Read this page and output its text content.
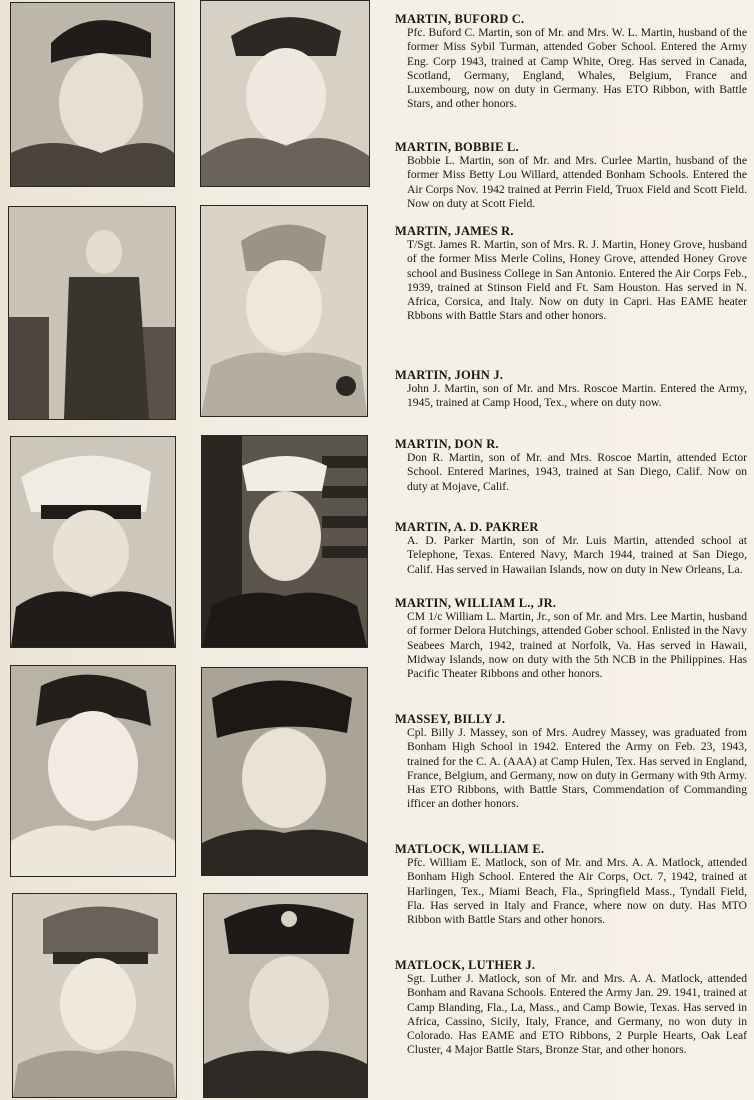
MARTIN, BUFORD C.

Pfc. Buford C. Martin, son of Mr. and Mrs. W. L. Martin, husband of the former Miss Sybil Turman, attended Gober School. Entered the Army Eng. Corp 1943, trained at Camp White, Oreg. Has served in Canada, Scotland, Germany, England, Whales, Belgium, France and Luxembourg, now on duty in Germany. Has ETO Ribbon, with Battle Stars, and other honors.

MARTIN, BOBBIE L.

Bobbie L. Martin, son of Mr. and Mrs. Curlee Martin, husband of the former Miss Betty Lou Willard, attended Bonham Schools. Entered the Air Corps Nov. 1942 trained at Perrin Field, Truox Field and Scott Field. Now on duty at Scott Field.

MARTIN, JAMES R.

T/Sgt. James R. Martin, son of Mrs. R. J. Martin, Honey Grove, husband of the former Miss Merle Colins, Honey Grove, attended Honey Grove school and Business College in San Antonio. Entered the Air Corps Feb., 1939, trained at Stinson Field and Ft. Sam Houston. Has served in N. Africa, Corsica, and Italy. Now on duty in Capri. Has EAME heater Rbbons with Battle Stars and other honors.

MARTIN, JOHN J.

John J. Martin, son of Mr. and Mrs. Roscoe Martin. Entered the Army, 1945, trained at Camp Hood, Tex., where on duty now.

MARTIN, DON R.

Don R. Martin, son of Mr. and Mrs. Roscoe Martin, attended Ector School. Entered Marines, 1943, trained at San Diego, Calif. Now on duty at Mojave, Calif.

MARTIN, A. D. PAKRER

A. D. Parker Martin, son of Mr. Luis Martin, attended school at Telephone, Texas. Entered Navy, March 1944, trained at San Diego, Calif. Has served in Hawaiian Islands, now on duty in New Orleans, La.

MARTIN, WILLIAM L., JR.

CM 1/c William L. Martin, Jr., son of Mr. and Mrs. Lee Martin, husband of former Delora Hutchings, attended Gober school. Enlisted in the Navy Seabees March, 1942, trained at Norfolk, Va. Has served in Hawaii, Midway Islands, now on duty with the 5th NCB in the Philippines. Has Pacific Theater Ribbons and other honors.

MASSEY, BILLY J.

Cpl. Billy J. Massey, son of Mrs. Audrey Massey, was graduated from Bonham High School in 1942. Entered the Army on Feb. 23, 1943, trained for the C. A. (AAA) at Camp Hulen, Tex. Has served in England, France, Belgium, and Germany, now on duty in Germany with 9th Army. Has ETO Ribbons, with Battle Stars, Commendation of Commanding ifficer an dother honors.

MATLOCK, WILLIAM E.

Pfc. William E. Matlock, son of Mr. and Mrs. A. A. Matlock, attended Bonham High School. Entered the Air Corps, Oct. 7, 1942, trained at Harlingen, Tex., Miami Beach, Fla., Springfield Mass., Tyndall Field, Fla. Has served in Italy and France, where now on duty. Has MTO Ribbon with Battle Stars and other honors.

MATLOCK, LUTHER J.

Sgt. Luther J. Matlock, son of Mr. and Mrs. A. A. Matlock, attended Bonham and Ravana Schools. Entered the Army Jan. 29. 1941, trained at Camp Blanding, Fla., La, Mass., and Camp Bowie, Texas. Has served in Africa, Cassino, Sicily, Italy, France, and Germany, no won duty in Colorado. Has EAME and ETO Ribbons, 2 Purple Hearts, Oak Leaf Cluster, 4 Major Battle Stars, Bronze Star, and other honors.
